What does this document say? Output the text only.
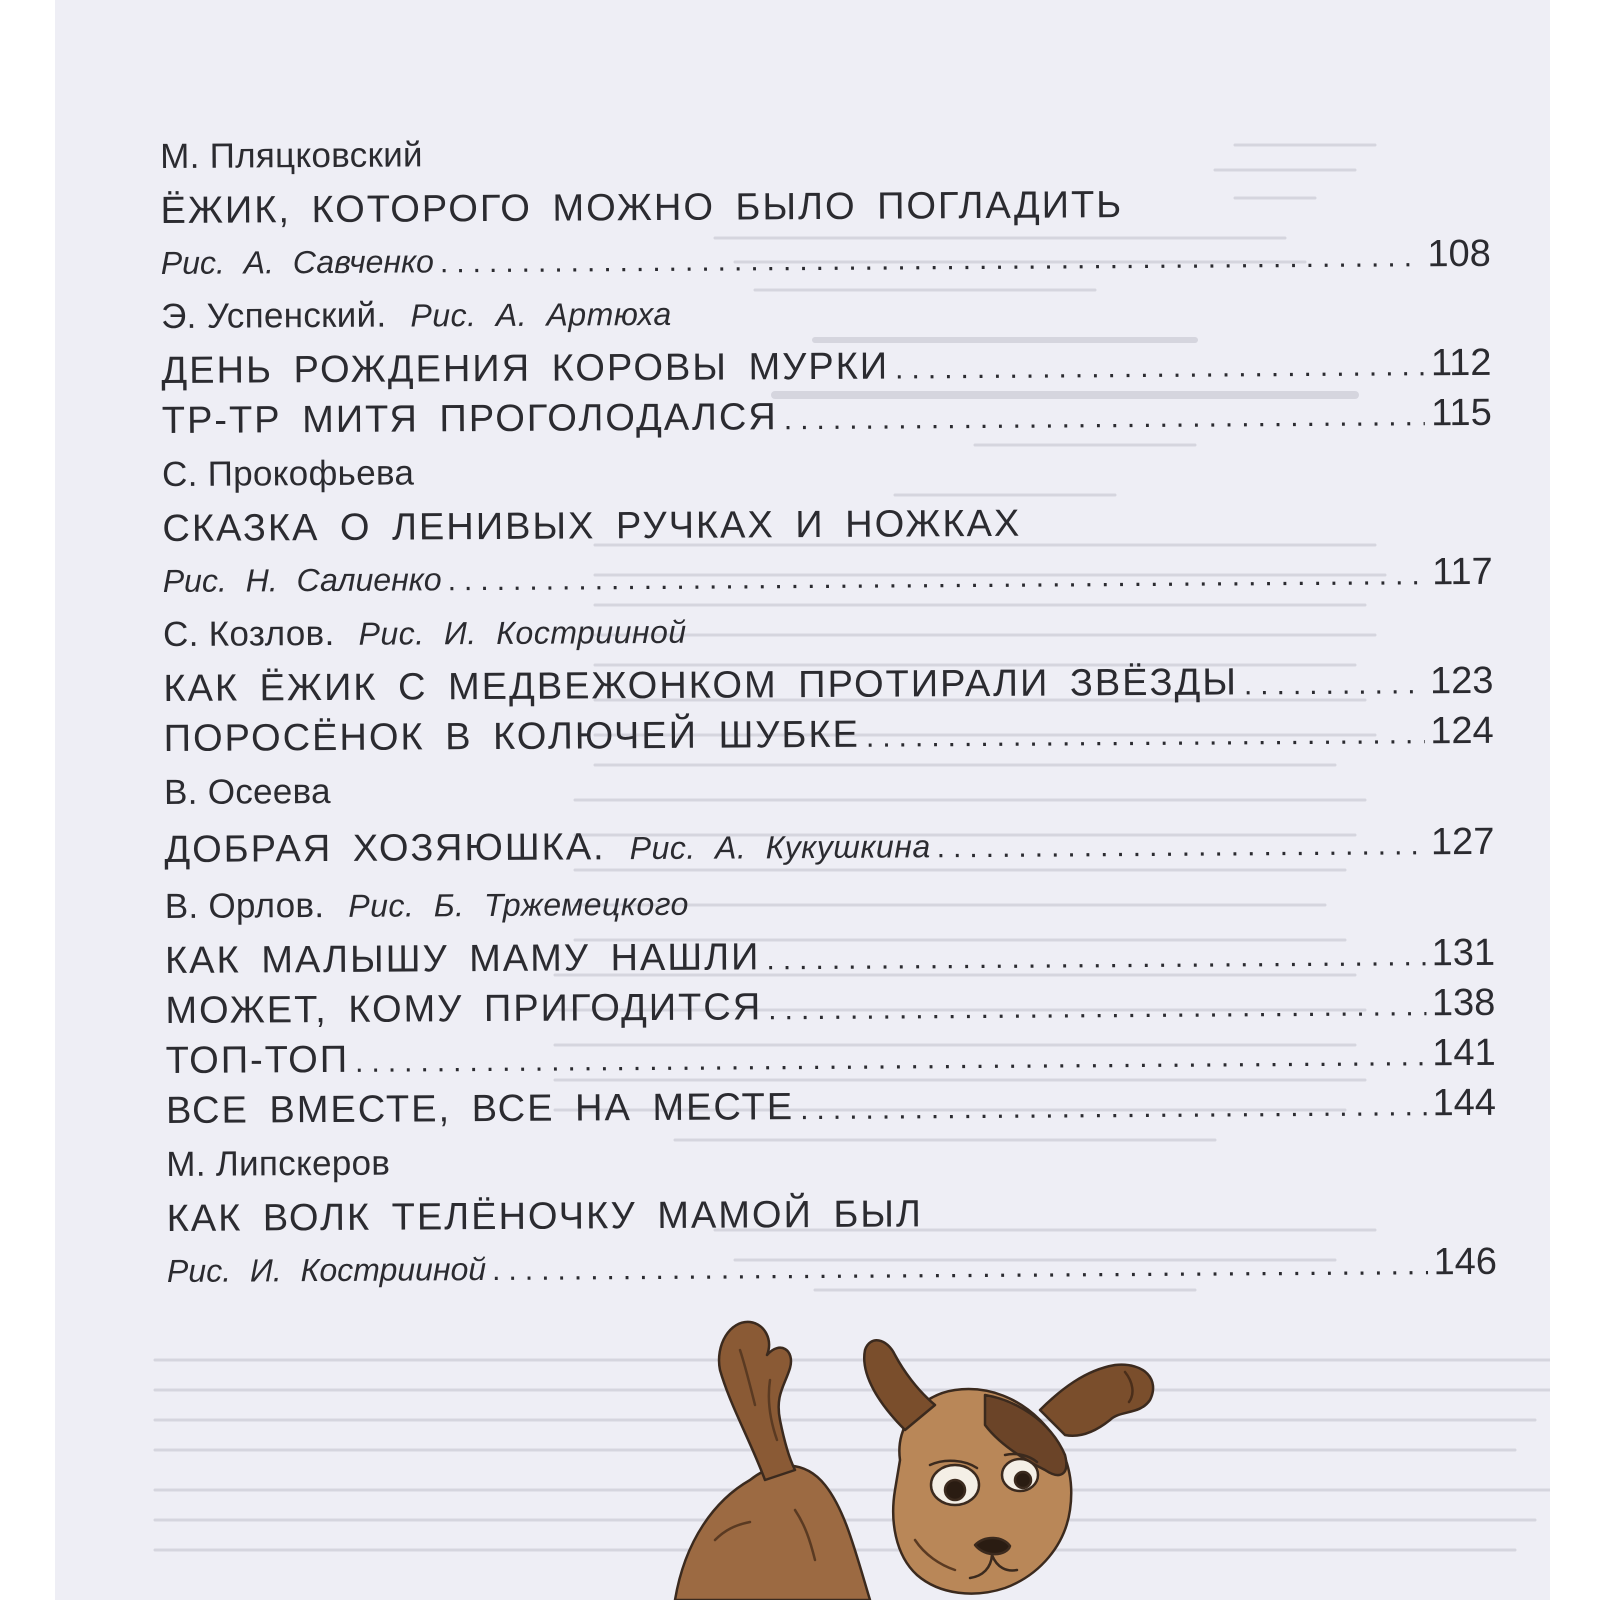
М. Пляцковский
ЁЖИК, КОТОРОГО МОЖНО БЫЛО ПОГЛАДИТЬ
Рис. А. Савченко .....	108
Э. Успенский. Рис. А. Артюха
ДЕНЬ РОЖДЕНИЯ КОРОВЫ МУРКИ .....	112
ТР-ТР МИТЯ ПРОГОЛОДАЛСЯ .....	115
С. Прокофьева
СКАЗКА О ЛЕНИВЫХ РУЧКАХ И НОЖКАХ
Рис. Н. Салиенко .....	117
С. Козлов. Рис. И. Кострииной
КАК ЁЖИК С МЕДВЕЖОНКОМ ПРОТИРАЛИ ЗВЁЗДЫ .....	123
ПОРОСЁНОК В КОЛЮЧЕЙ ШУБКЕ .....	124
В. Осеева
ДОБРАЯ ХОЗЯЮШКА. Рис. А. Кукушкина .....	127
В. Орлов. Рис. Б. Тржемецкого
КАК МАЛЫШУ МАМУ НАШЛИ .....	131
МОЖЕТ, КОМУ ПРИГОДИТСЯ .....	138
ТОП-ТОП .....	141
ВСЕ ВМЕСТЕ, ВСЕ НА МЕСТЕ .....	144
М. Липскеров
КАК ВОЛК ТЕЛЁНОЧКУ МАМОЙ БЫЛ
Рис. И. Кострииной .....	146
